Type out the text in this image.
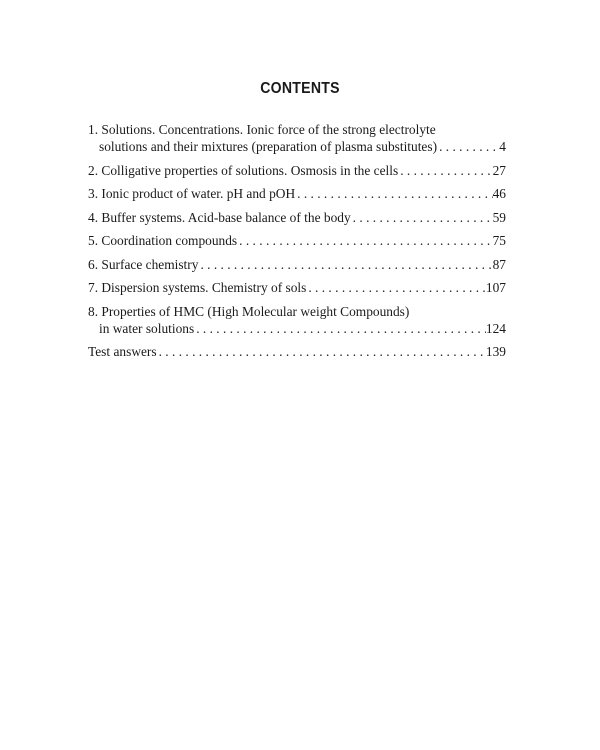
CONTENTS
1. Solutions. Concentrations. Ionic force of the strong electrolyte
solutions and their mixtures (preparation of plasma substitutes) . . .	4
2. Colligative properties of solutions. Osmosis in the cells . . .	27
3. Ionic product of water. pH and pOH . . .	46
4. Buffer systems. Acid-base balance of the body . . .	59
5. Coordination compounds . . .	75
6. Surface chemistry . . .	87
7. Dispersion systems. Chemistry of sols . . .	107
8. Properties of HMC (High Molecular weight Compounds)
in water solutions . . .	124
Test answers . . .	139
